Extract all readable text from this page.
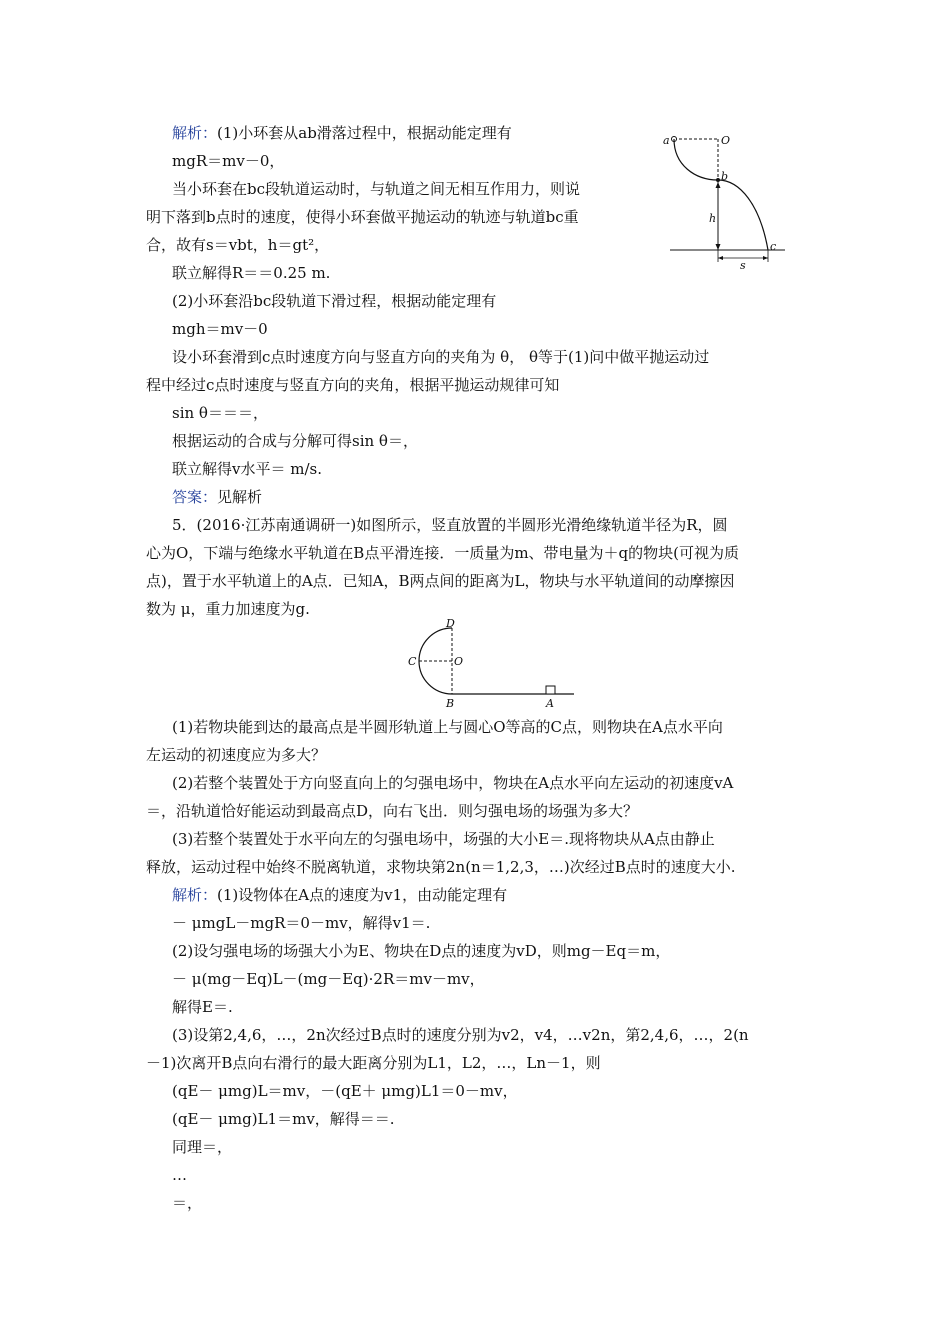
解析：(1)小环套从ab滑落过程中，根据动能定理有
mgR＝mv－0，
当小环套在bc段轨道运动时，与轨道之间无相互作用力，则说
明下落到b点时的速度，使得小环套做平抛运动的轨迹与轨道bc重
合，故有s＝vbt，h＝gt²，
联立解得R＝＝0.25 m.
(2)小环套沿bc段轨道下滑过程，根据动能定理有
mgh＝mv－0
设小环套滑到c点时速度方向与竖直方向的夹角为 θ， θ等于(1)问中做平抛运动过
程中经过c点时速度与竖直方向的夹角，根据平抛运动规律可知
sin θ＝＝＝，
根据运动的合成与分解可得sin θ＝，
联立解得v水平＝ m/s.
答案：见解析
a	O
b
h
c
s
5．(2016·江苏南通调研一)如图所示，竖直放置的半圆形光滑绝缘轨道半径为R，圆
心为O，下端与绝缘水平轨道在B点平滑连接．一质量为m、带电量为＋q的物块(可视为质
点)，置于水平轨道上的A点．已知A，B两点间的距离为L，物块与水平轨道间的动摩擦因
数为 μ，重力加速度为g.
D
C	O
B	A
(1)若物块能到达的最高点是半圆形轨道上与圆心O等高的C点，则物块在A点水平向
左运动的初速度应为多大？
(2)若整个装置处于方向竖直向上的匀强电场中，物块在A点水平向左运动的初速度vA
＝，沿轨道恰好能运动到最高点D，向右飞出．则匀强电场的场强为多大？
(3)若整个装置处于水平向左的匀强电场中，场强的大小E＝.现将物块从A点由静止
释放，运动过程中始终不脱离轨道，求物块第2n(n＝1,2,3，…)次经过B点时的速度大小.
解析：(1)设物体在A点的速度为v1，由动能定理有
－ μmgL－mgR＝0－mv，解得v1＝.
(2)设匀强电场的场强大小为E、物块在D点的速度为vD，则mg－Eq＝m，
－ μ(mg－Eq)L－(mg－Eq)·2R＝mv－mv，
解得E＝.
(3)设第2,4,6，…，2n次经过B点时的速度分别为v2，v4，…v2n，第2,4,6，…，2(n
－1)次离开B点向右滑行的最大距离分别为L1，L2，…，Ln－1，则
(qE－ μmg)L＝mv，－(qE＋ μmg)L1＝0－mv，
(qE－ μmg)L1＝mv，解得＝＝.
同理＝，
…
＝，
